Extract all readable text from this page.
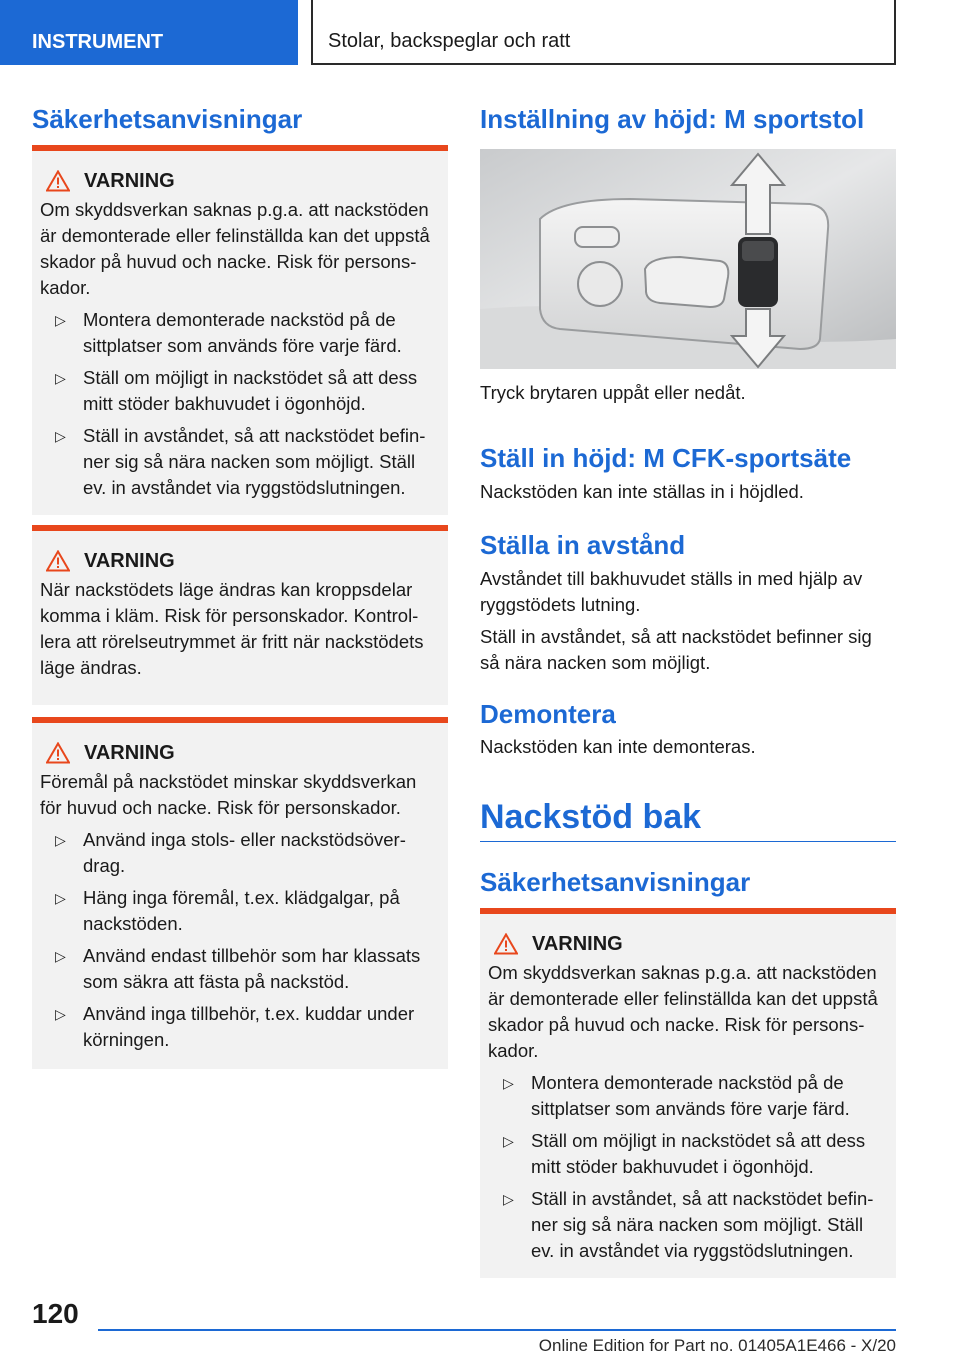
INSTRUMENT	Stolar, backspeglar och ratt
Säkerhetsanvisningar
VARNING

Om skyddsverkan saknas p.g.a. att nackstöden är demonterade eller felinställda kan det uppstå skador på huvud och nacke. Risk för persons-kador.

▷ Montera demonterade nackstöd på de sittplatser som används före varje färd.
▷ Ställ om möjligt in nackstödet så att dess mitt stöder bakhuvudet i ögonhöjd.
▷ Ställ in avståndet, så att nackstödet befin-ner sig så nära nacken som möjligt. Ställ ev. in avståndet via ryggstödslutningen.
VARNING

När nackstödets läge ändras kan kroppsdelar komma i kläm. Risk för personskador. Kontrol-lera att rörelseutrymmet är fritt när nackstödets läge ändras.

VARNING

Föremål på nackstödet minskar skyddsverkan för huvud och nacke. Risk för personskador.

▷ Använd inga stols- eller nackstödsöver-drag.
▷ Häng inga föremål, t.ex. klädgalgar, på nackstöden.
▷ Använd endast tillbehör som har klassats som säkra att fästa på nackstöd.
▷ Använd inga tillbehör, t.ex. kuddar under körningen.
Inställning av höjd: M sportstol
Tryck brytaren uppåt eller nedåt.
Ställ in höjd: M CFK-sportsäte
Nackstöden kan inte ställas in i höjdled.
Ställa in avstånd
Avståndet till bakhuvudet ställs in med hjälp av ryggstödets lutning.
Ställ in avståndet, så att nackstödet befinner sig så nära nacken som möjligt.
Demontera
Nackstöden kan inte demonteras.
Nackstöd bak
Säkerhetsanvisningar
VARNING

Om skyddsverkan saknas p.g.a. att nackstöden är demonterade eller felinställda kan det uppstå skador på huvud och nacke. Risk för persons-kador.

▷ Montera demonterade nackstöd på de sittplatser som används före varje färd.
▷ Ställ om möjligt in nackstödet så att dess mitt stöder bakhuvudet i ögonhöjd.
▷ Ställ in avståndet, så att nackstödet befin-ner sig så nära nacken som möjligt. Ställ ev. in avståndet via ryggstödslutningen.
120
Online Edition for Part no. 01405A1E466 - X/20
